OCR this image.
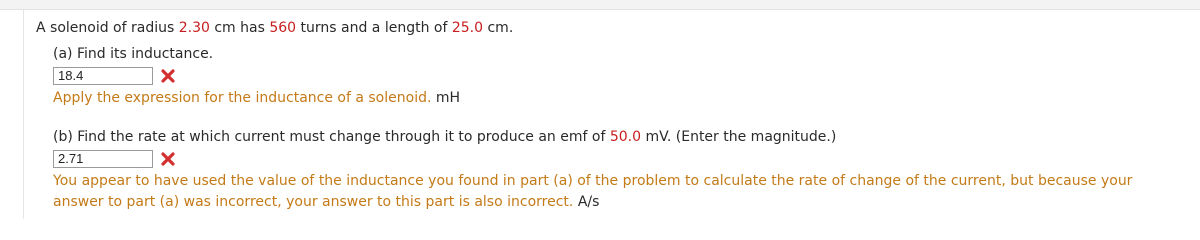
A solenoid of radius 2.30 cm has 560 turns and a length of 25.0 cm.
(a) Find its inductance.
18.4
Apply the expression for the inductance of a solenoid. mH
(b) Find the rate at which current must change through it to produce an emf of 50.0 mV. (Enter the magnitude.)
2.71
You appear to have used the value of the inductance you found in part (a) of the problem to calculate the rate of change of the current, but because your answer to part (a) was incorrect, your answer to this part is also incorrect. A/s
